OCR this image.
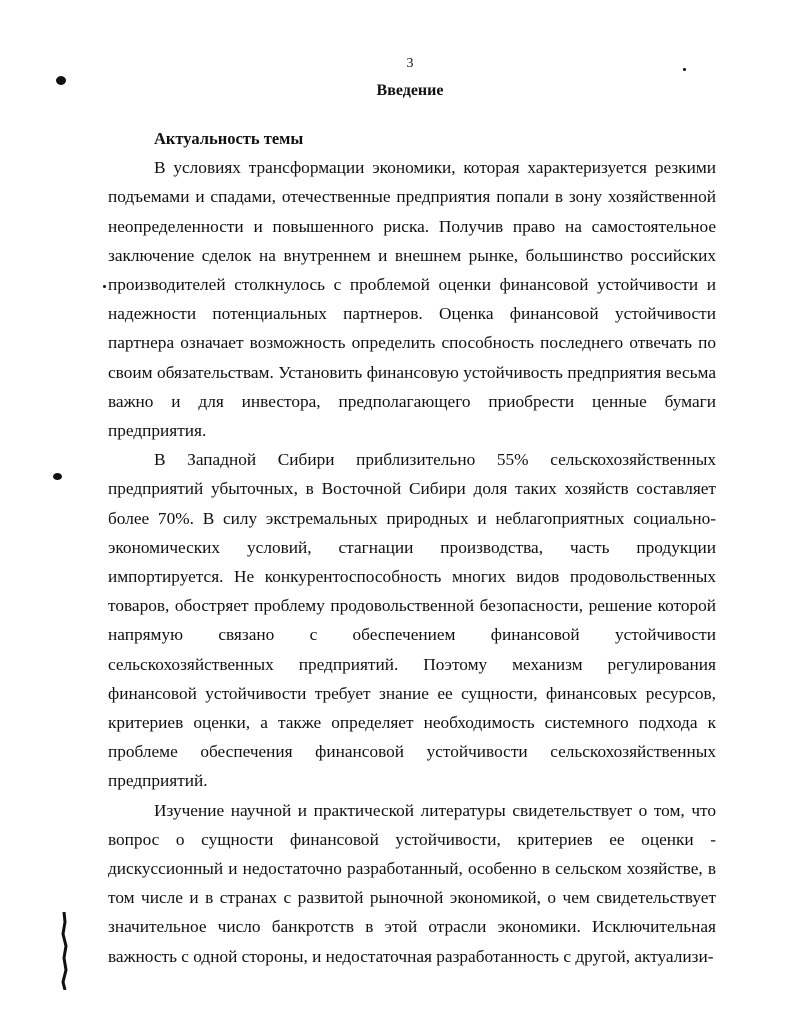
3
Введение

Актуальность темы

В условиях трансформации экономики, которая характеризуется резкими подъемами и спадами, отечественные предприятия попали в зону хозяйственной неопределенности и повышенного риска. Получив право на самостоятельное заключение сделок на внутреннем и внешнем рынке, большинство российских производителей столкнулось с проблемой оценки финансовой устойчивости и надежности потенциальных партнеров. Оценка финансовой устойчивости партнера означает возможность определить способность последнего отвечать по своим обязательствам. Установить финансовую устойчивость предприятия весьма важно и для инвестора, предполагающего приобрести ценные бумаги предприятия.

В Западной Сибири приблизительно 55% сельскохозяйственных предприятий убыточных, в Восточной Сибири доля таких хозяйств составляет более 70%. В силу экстремальных природных и неблагоприятных социально-экономических условий, стагнации производства, часть продукции импортируется. Не конкурентоспособность многих видов продовольственных товаров, обостряет проблему продовольственной безопасности, решение которой напрямую связано с обеспечением финансовой устойчивости сельскохозяйственных предприятий. Поэтому механизм регулирования финансовой устойчивости требует знание ее сущности, финансовых ресурсов, критериев оценки, а также определяет необходимость системного подхода к проблеме обеспечения финансовой устойчивости сельскохозяйственных предприятий.

Изучение научной и практической литературы свидетельствует о том, что вопрос о сущности финансовой устойчивости, критериев ее оценки - дискуссионный и недостаточно разработанный, особенно в сельском хозяйстве, в том числе и в странах с развитой рыночной экономикой, о чем свидетельствует значительное число банкротств в этой отрасли экономики. Исключительная важность с одной стороны, и недостаточная разработанность с другой, актуализи-
